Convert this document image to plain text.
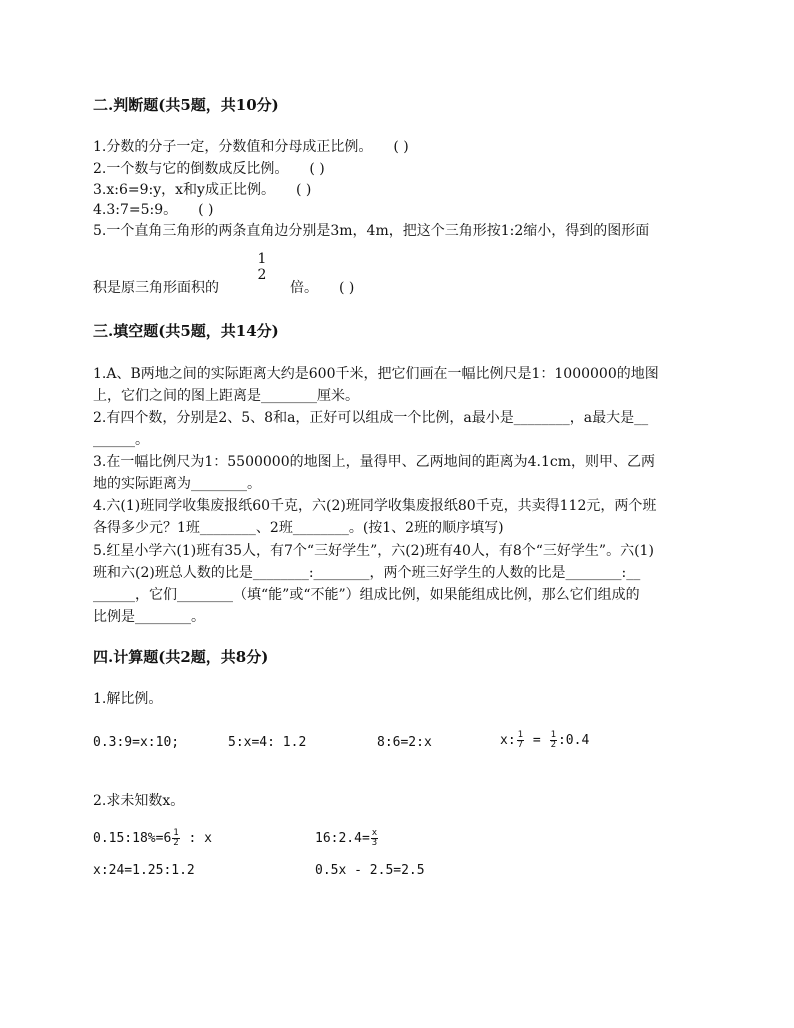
二.判断题(共5题，共10分)
1.分数的分子一定，分数值和分母成正比例。　　( )
2.一个数与它的倒数成反比例。　　( )
3.x:6=9:y，x和y成正比例。　　( )
4.3:7=5:9。　　( )
5.一个直角三角形的两条直角边分别是3m，4m，把这个三角形按1:2缩小，得到的图形面
积是原三角形面积的
1
2
倍。　　( )
三.填空题(共5题，共14分)
1.A、B两地之间的实际距离大约是600千米，把它们画在一幅比例尺是1：1000000的地图
上，它们之间的图上距离是________厘米。
2.有四个数，分别是2、5、8和a，正好可以组成一个比例，a最小是________，a最大是__
______。
3.在一幅比例尺为1：5500000的地图上，量得甲、乙两地间的距离为4.1cm，则甲、乙两
地的实际距离为________。
4.六(1)班同学收集废报纸60千克，六(2)班同学收集废报纸80千克，共卖得112元，两个班
各得多少元？1班________、2班________。(按1、2班的顺序填写)
5.红星小学六(1)班有35人，有7个“三好学生”，六(2)班有40人，有8个“三好学生”。六(1)
班和六(2)班总人数的比是________:________，两个班三好学生的人数的比是________:__
______，它们________（填“能”或“不能”）组成比例，如果能组成比例，那么它们组成的
比例是________。
四.计算题(共2题，共8分)
1.解比例。
0.3:9=x:10;	5:x=4: 1.2	8:6=2:x	x: $\frac{1}{7} = \frac{1}{2}$ :0.4
2.求未知数x。
0.15:18%=6 $\frac{1}{2}$ : x	16:2.4= $\frac{x}{3}$
x:24=1.25:1.2	0.5x - 2.5=2.5
